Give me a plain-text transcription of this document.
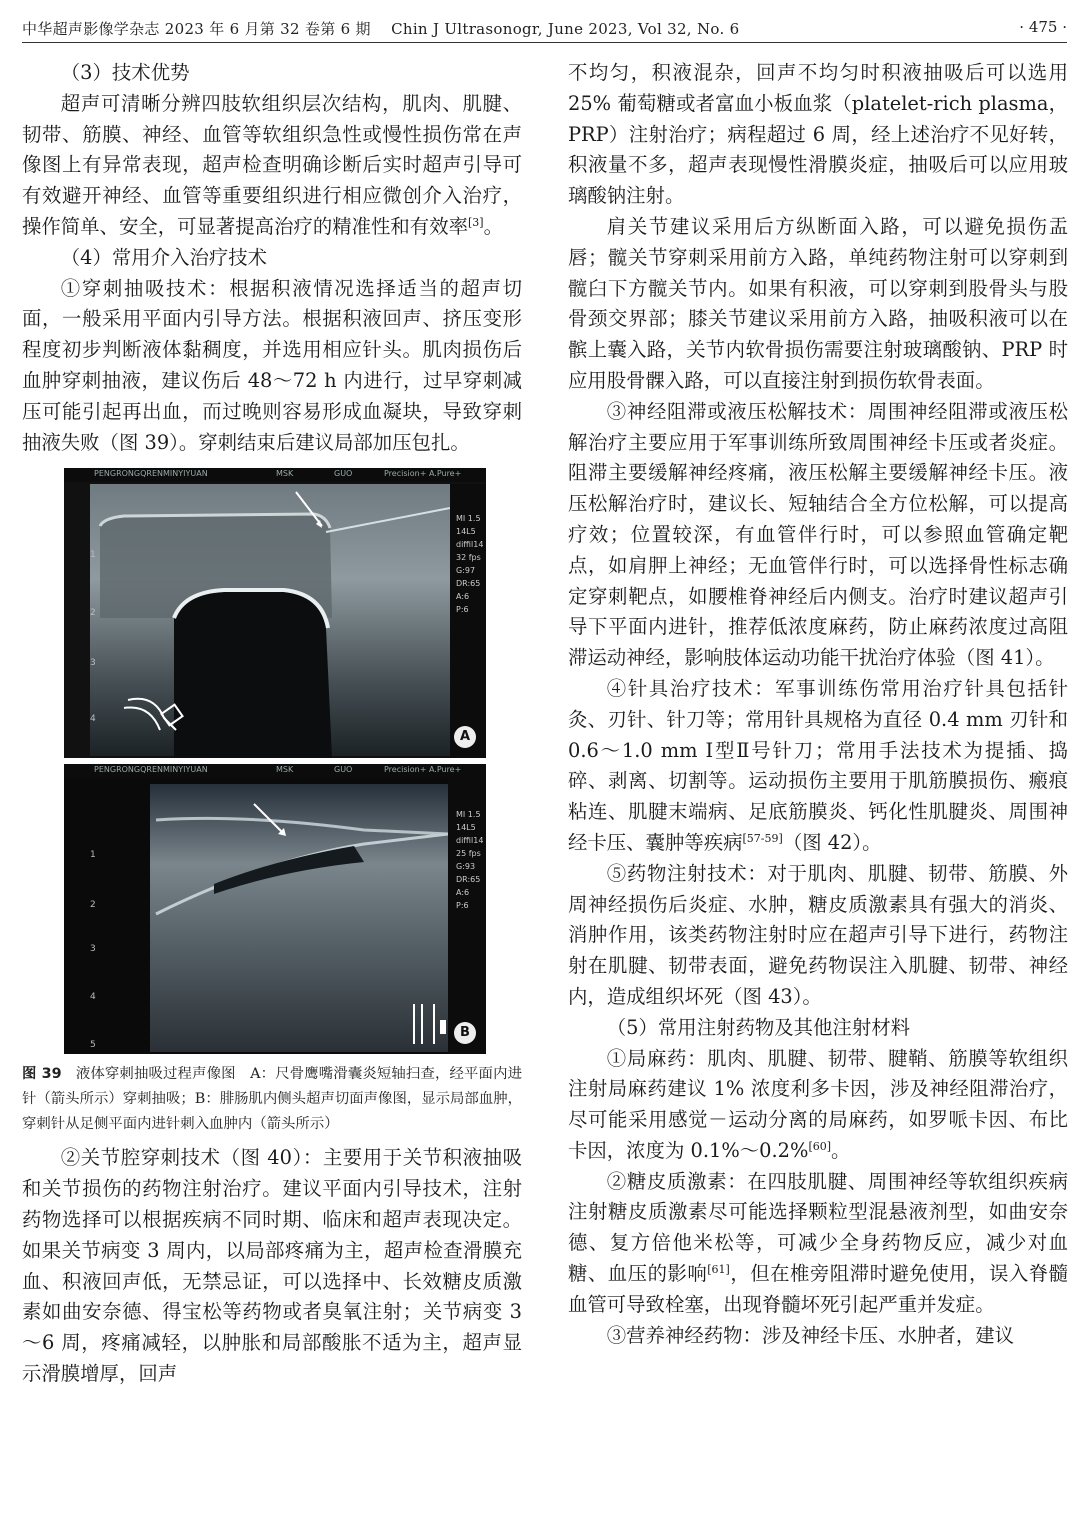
中华超声影像学杂志 2023 年 6 月第 32 卷第 6 期 Chin J Ultrasonogr, June 2023, Vol 32, No. 6	· 475 ·

（3）技术优势

超声可清晰分辨四肢软组织层次结构，肌肉、肌腱、韧带、筋膜、神经、血管等软组织急性或慢性损伤常在声像图上有异常表现，超声检查明确诊断后实时超声引导可有效避开神经、血管等重要组织进行相应微创介入治疗，操作简单、安全，可显著提高治疗的精准性和有效率[3]。

（4）常用介入治疗技术

①穿刺抽吸技术：根据积液情况选择适当的超声切面，一般采用平面内引导方法。根据积液回声、挤压变形程度初步判断液体黏稠度，并选用相应针头。肌肉损伤后血肿穿刺抽液，建议伤后 48～72 h 内进行，过早穿刺减压可能引起再出血，而过晚则容易形成血凝块，导致穿刺抽液失败（图 39）。穿刺结束后建议局部加压包扎。

PENGRONGQRENMINYIYUAN	MSK	GUO	Precision+ A.Pure+
1
2
3
4
MI 1.5 14L5 diffil14 32 fps G:97 DR:65 A:6 P:6
A
PENGRONGQRENMINYIYUAN	MSK	GUO	Precision+ A.Pure+
1
2
3
4
5
MI 1.5 14L5 diffil14 25 fps G:93 DR:65 A:6 P:6
B
图 39 液体穿刺抽吸过程声像图　A：尺骨鹰嘴滑囊炎短轴扫查，经平面内进针（箭头所示）穿刺抽吸；B：腓肠肌内侧头超声切面声像图，显示局部血肿，穿刺针从足侧平面内进针刺入血肿内（箭头所示）

②关节腔穿刺技术（图 40）：主要用于关节积液抽吸和关节损伤的药物注射治疗。建议平面内引导技术，注射药物选择可以根据疾病不同时期、临床和超声表现决定。如果关节病变 3 周内，以局部疼痛为主，超声检查滑膜充血、积液回声低，无禁忌证，可以选择中、长效糖皮质激素如曲安奈德、得宝松等药物或者臭氧注射；关节病变 3～6 周，疼痛减轻，以肿胀和局部酸胀不适为主，超声显示滑膜增厚，回声

不均匀，积液混杂，回声不均匀时积液抽吸后可以选用 25% 葡萄糖或者富血小板血浆（platelet-rich plasma，PRP）注射治疗；病程超过 6 周，经上述治疗不见好转，积液量不多，超声表现慢性滑膜炎症，抽吸后可以应用玻璃酸钠注射。

肩关节建议采用后方纵断面入路，可以避免损伤盂唇；髋关节穿刺采用前方入路，单纯药物注射可以穿刺到髋臼下方髋关节内。如果有积液，可以穿刺到股骨头与股骨颈交界部；膝关节建议采用前方入路，抽吸积液可以在髌上囊入路，关节内软骨损伤需要注射玻璃酸钠、PRP 时应用股骨髁入路，可以直接注射到损伤软骨表面。

③神经阻滞或液压松解技术：周围神经阻滞或液压松解治疗主要应用于军事训练所致周围神经卡压或者炎症。阻滞主要缓解神经疼痛，液压松解主要缓解神经卡压。液压松解治疗时，建议长、短轴结合全方位松解，可以提高疗效；位置较深，有血管伴行时，可以参照血管确定靶点，如肩胛上神经；无血管伴行时，可以选择骨性标志确定穿刺靶点，如腰椎脊神经后内侧支。治疗时建议超声引导下平面内进针，推荐低浓度麻药，防止麻药浓度过高阻滞运动神经，影响肢体运动功能干扰治疗体验（图 41）。

④针具治疗技术：军事训练伤常用治疗针具包括针灸、刃针、针刀等；常用针具规格为直径 0.4 mm 刃针和 0.6～1.0 mm Ⅰ型Ⅱ号针刀；常用手法技术为提插、捣碎、剥离、切割等。运动损伤主要用于肌筋膜损伤、瘢痕粘连、肌腱末端病、足底筋膜炎、钙化性肌腱炎、周围神经卡压、囊肿等疾病[57-59]（图 42）。

⑤药物注射技术：对于肌肉、肌腱、韧带、筋膜、外周神经损伤后炎症、水肿，糖皮质激素具有强大的消炎、消肿作用，该类药物注射时应在超声引导下进行，药物注射在肌腱、韧带表面，避免药物误注入肌腱、韧带、神经内，造成组织坏死（图 43）。

（5）常用注射药物及其他注射材料

①局麻药：肌肉、肌腱、韧带、腱鞘、筋膜等软组织注射局麻药建议 1% 浓度利多卡因，涉及神经阻滞治疗，尽可能采用感觉－运动分离的局麻药，如罗哌卡因、布比卡因，浓度为 0.1%～0.2%[60]。

②糖皮质激素：在四肢肌腱、周围神经等软组织疾病注射糖皮质激素尽可能选择颗粒型混悬液剂型，如曲安奈德、复方倍他米松等，可减少全身药物反应，减少对血糖、血压的影响[61]，但在椎旁阻滞时避免使用，误入脊髓血管可导致栓塞，出现脊髓坏死引起严重并发症。

③营养神经药物：涉及神经卡压、水肿者，建议
